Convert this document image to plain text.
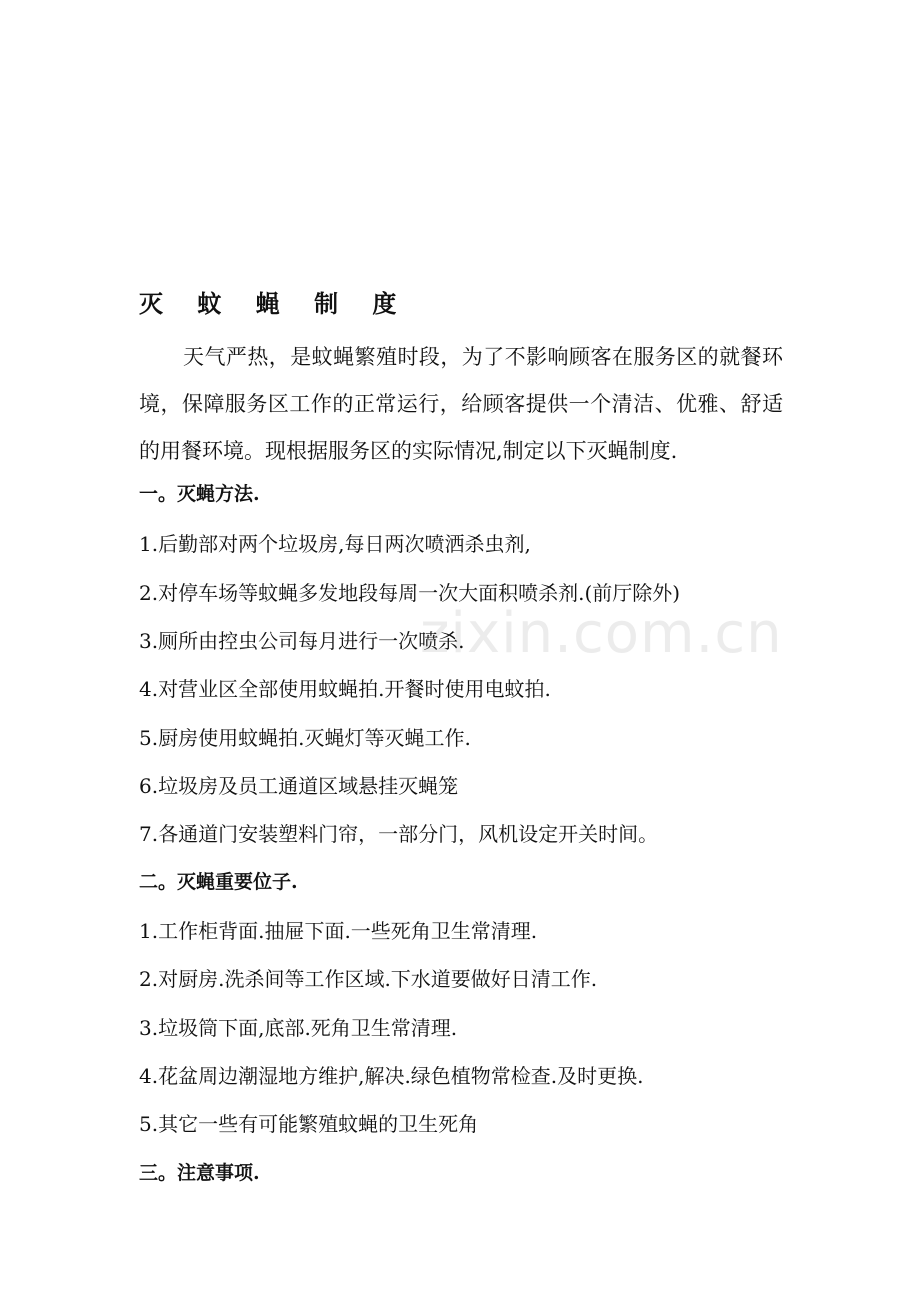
灭 蚊 蝇 制 度
天气严热，是蚊蝇繁殖时段，为了不影响顾客在服务区的就餐环境，保障服务区工作的正常运行，给顾客提供一个清洁、优雅、舒适的用餐环境。现根据服务区的实际情况,制定以下灭蝇制度.
一。灭蝇方法.
1.后勤部对两个垃圾房,每日两次喷洒杀虫剂,
2.对停车场等蚊蝇多发地段每周一次大面积喷杀剂.(前厅除外)
3.厕所由控虫公司每月进行一次喷杀.
4.对营业区全部使用蚊蝇拍.开餐时使用电蚊拍.
5.厨房使用蚊蝇拍.灭蝇灯等灭蝇工作.
6.垃圾房及员工通道区域悬挂灭蝇笼
7.各通道门安装塑料门帘，一部分门，风机设定开关时间。
二。灭蝇重要位子.
1.工作柜背面.抽屉下面.一些死角卫生常清理.
2.对厨房.洗杀间等工作区域.下水道要做好日清工作.
3.垃圾筒下面,底部.死角卫生常清理.
4.花盆周边潮湿地方维护,解决.绿色植物常检查.及时更换.
5.其它一些有可能繁殖蚊蝇的卫生死角
三。注意事项.
zixin.com.cn
